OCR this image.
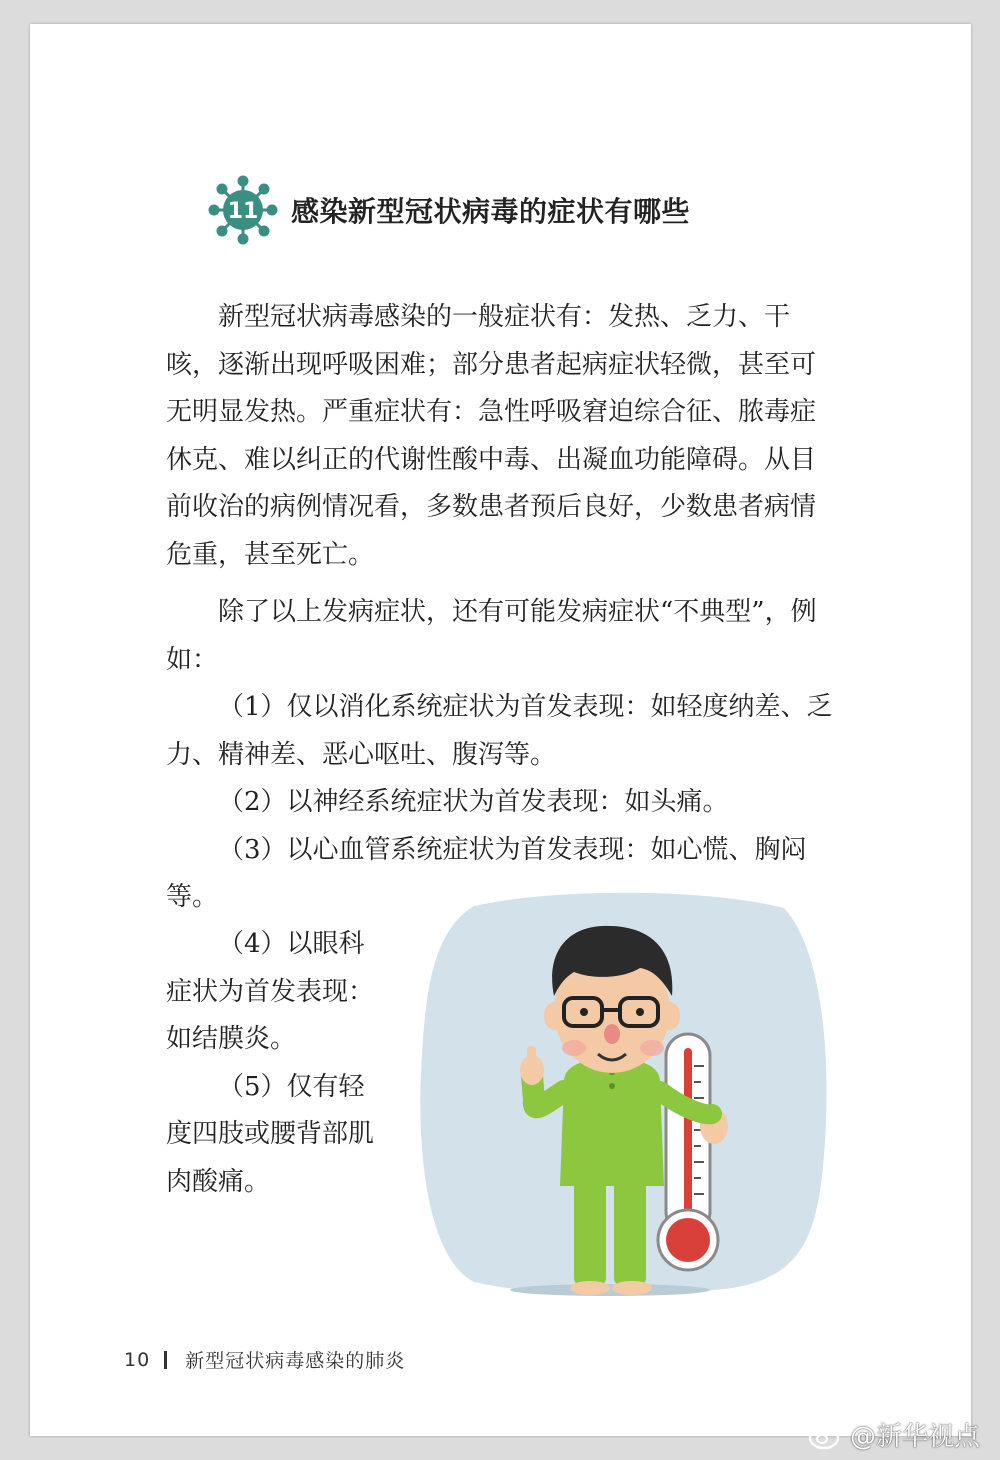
11 感染新型冠状病毒的症状有哪些

新型冠状病毒感染的一般症状有：发热、乏力、干咳，逐渐出现呼吸困难；部分患者起病症状轻微，甚至可无明显发热。严重症状有：急性呼吸窘迫综合征、脓毒症休克、难以纠正的代谢性酸中毒、出凝血功能障碍。从目前收治的病例情况看，多数患者预后良好，少数患者病情危重，甚至死亡。

除了以上发病症状，还有可能发病症状“不典型”，例如：

（1）仅以消化系统症状为首发表现：如轻度纳差、乏力、精神差、恶心呕吐、腹泻等。

（2）以神经系统症状为首发表现：如头痛。

（3）以心血管系统症状为首发表现：如心慌、胸闷等。

（4）以眼科症状为首发表现：如结膜炎。

（5）仅有轻度四肢或腰背部肌肉酸痛。

10 新型冠状病毒感染的肺炎
@新华视点
